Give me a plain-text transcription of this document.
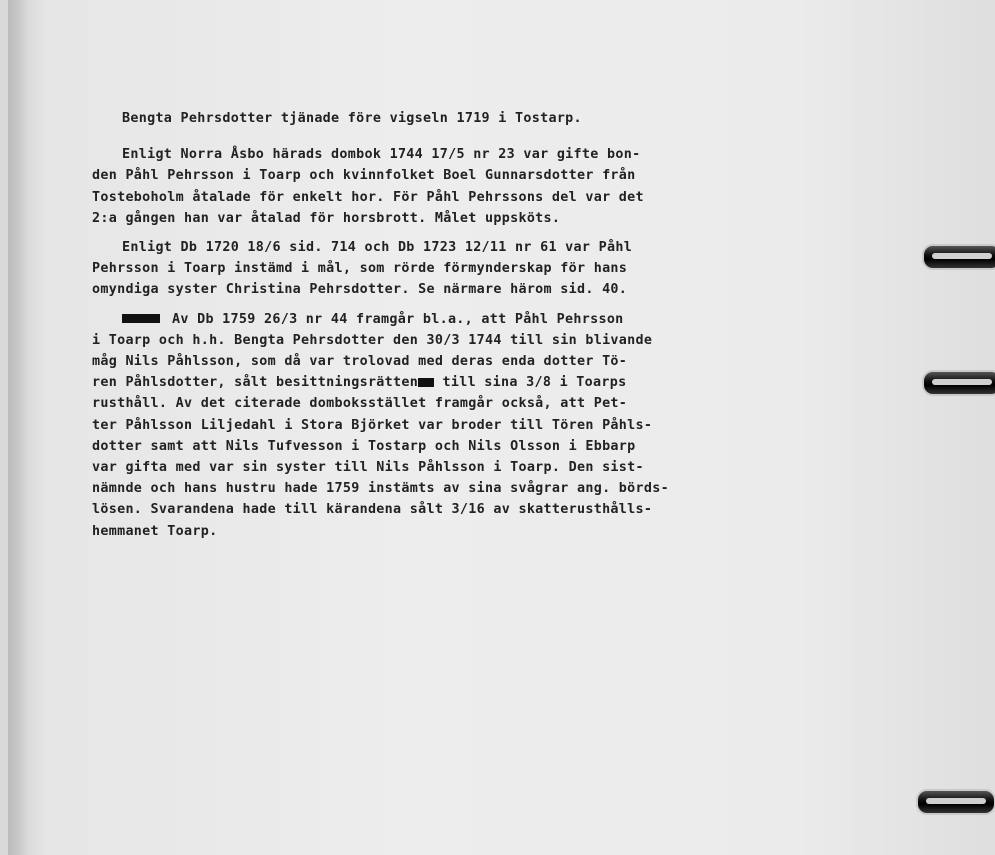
Bengta Pehrsdotter tjänade före vigseln 1719 i Tostarp.
Enligt Norra Åsbo härads dombok 1744 17/5 nr 23 var gifte bon-
den Påhl Pehrsson i Toarp och kvinnfolket Boel Gunnarsdotter från
Tosteboholm åtalade för enkelt hor. För Påhl Pehrssons del var det
2:a gången han var åtalad för horsbrott. Målet uppsköts.
Enligt Db 1720 18/6 sid. 714 och Db 1723 12/11 nr 61 var Påhl
Pehrsson i Toarp instämd i mål, som rörde förmynderskap för hans
omyndiga syster Christina Pehrsdotter. Se närmare härom sid. 40.
Av Db 1759 26/3 nr 44 framgår bl.a., att Påhl Pehrsson
i Toarp och h.h. Bengta Pehrsdotter den 30/3 1744 till sin blivande
måg Nils Påhlsson, som då var trolovad med deras enda dotter Tö-
ren Påhlsdotter, sålt besittningsrätten till sina 3/8 i Toarps
rusthåll. Av det citerade domboksstället framgår också, att Pet-
ter Påhlsson Liljedahl i Stora Björket var broder till Tören Påhls-
dotter samt att Nils Tufvesson i Tostarp och Nils Olsson i Ebbarp
var gifta med var sin syster till Nils Påhlsson i Toarp. Den sist-
nämnde och hans hustru hade 1759 instämts av sina svågrar ang. börds-
lösen. Svarandena hade till kärandena sålt 3/16 av skatterusthålls-
hemmanet Toarp.
